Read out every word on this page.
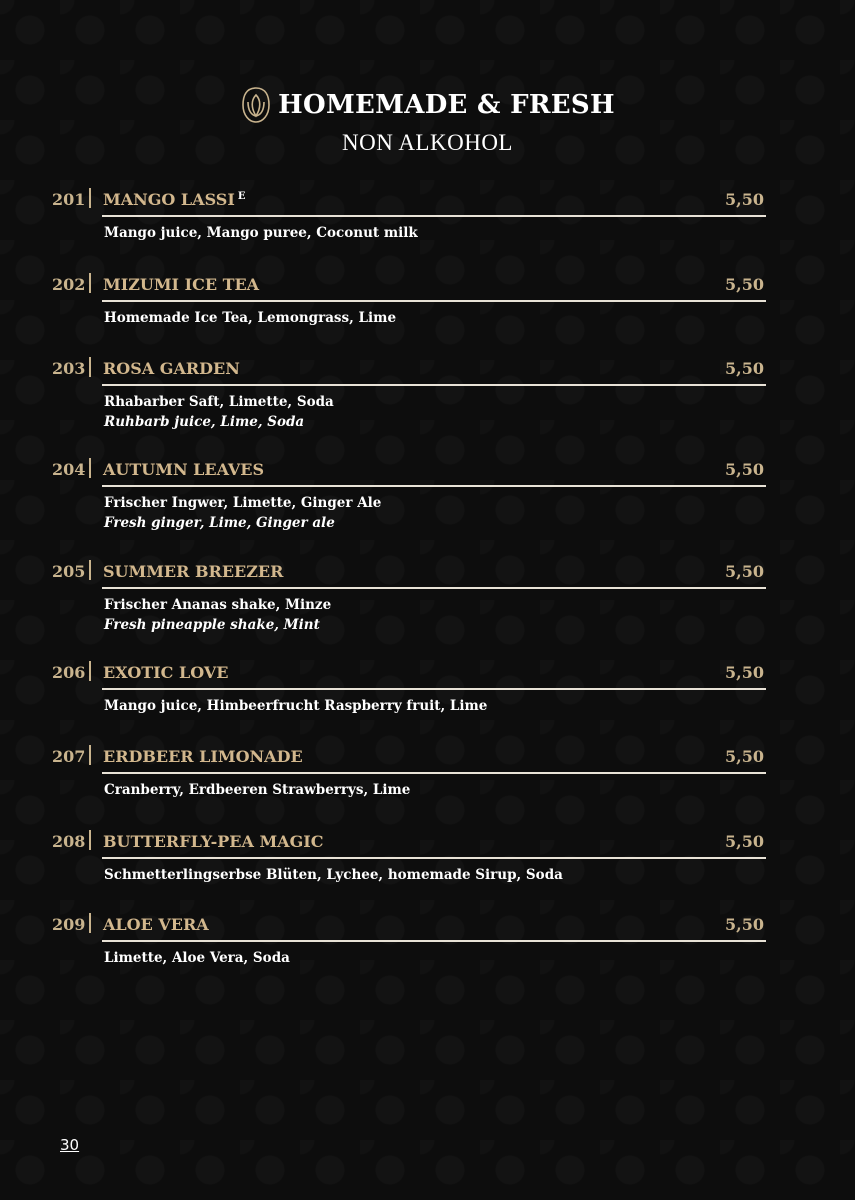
HOMEMADE & FRESH
NON ALKOHOL
201 MANGO LASSI $^E$	5,50
Mango juice, Mango puree, Coconut milk
202 MIZUMI ICE TEA	5,50
Homemade Ice Tea, Lemongrass, Lime
203 ROSA GARDEN	5,50
Rhabarber Saft, Limette, Soda
Ruhbarb juice, Lime, Soda
204 AUTUMN LEAVES	5,50
Frischer Ingwer, Limette, Ginger Ale
Fresh ginger, Lime, Ginger ale
205 SUMMER BREEZER	5,50
Frischer Ananas shake, Minze
Fresh pineapple shake, Mint
206 EXOTIC LOVE	5,50
Mango juice, Himbeerfrucht Raspberry fruit, Lime
207 ERDBEER LIMONADE	5,50
Cranberry, Erdbeeren Strawberrys, Lime
208 BUTTERFLY-PEA MAGIC	5,50
Schmetterlingserbse Blüten, Lychee, homemade Sirup, Soda
209 ALOE VERA	5,50
Limette, Aloe Vera, Soda
30
